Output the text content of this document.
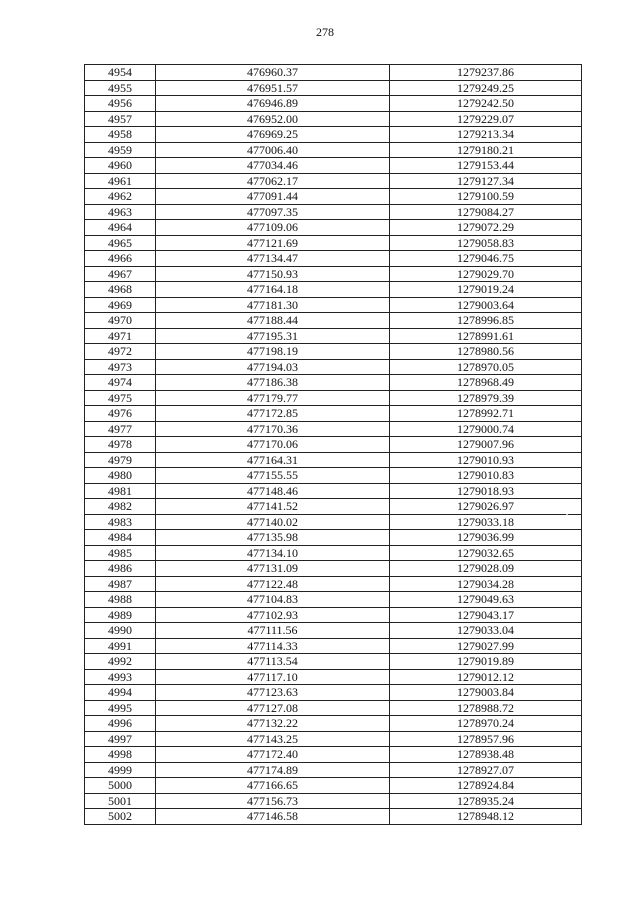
278
4954	476960.37	1279237.86
4955	476951.57	1279249.25
4956	476946.89	1279242.50
4957	476952.00	1279229.07
4958	476969.25	1279213.34
4959	477006.40	1279180.21
4960	477034.46	1279153.44
4961	477062.17	1279127.34
4962	477091.44	1279100.59
4963	477097.35	1279084.27
4964	477109.06	1279072.29
4965	477121.69	1279058.83
4966	477134.47	1279046.75
4967	477150.93	1279029.70
4968	477164.18	1279019.24
4969	477181.30	1279003.64
4970	477188.44	1278996.85
4971	477195.31	1278991.61
4972	477198.19	1278980.56
4973	477194.03	1278970.05
4974	477186.38	1278968.49
4975	477179.77	1278979.39
4976	477172.85	1278992.71
4977	477170.36	1279000.74
4978	477170.06	1279007.96
4979	477164.31	1279010.93
4980	477155.55	1279010.83
4981	477148.46	1279018.93
4982	477141.52	1279026.97
4983	477140.02	1279033.18
4984	477135.98	1279036.99
4985	477134.10	1279032.65
4986	477131.09	1279028.09
4987	477122.48	1279034.28
4988	477104.83	1279049.63
4989	477102.93	1279043.17
4990	477111.56	1279033.04
4991	477114.33	1279027.99
4992	477113.54	1279019.89
4993	477117.10	1279012.12
4994	477123.63	1279003.84
4995	477127.08	1278988.72
4996	477132.22	1278970.24
4997	477143.25	1278957.96
4998	477172.40	1278938.48
4999	477174.89	1278927.07
5000	477166.65	1278924.84
5001	477156.73	1278935.24
5002	477146.58	1278948.12
